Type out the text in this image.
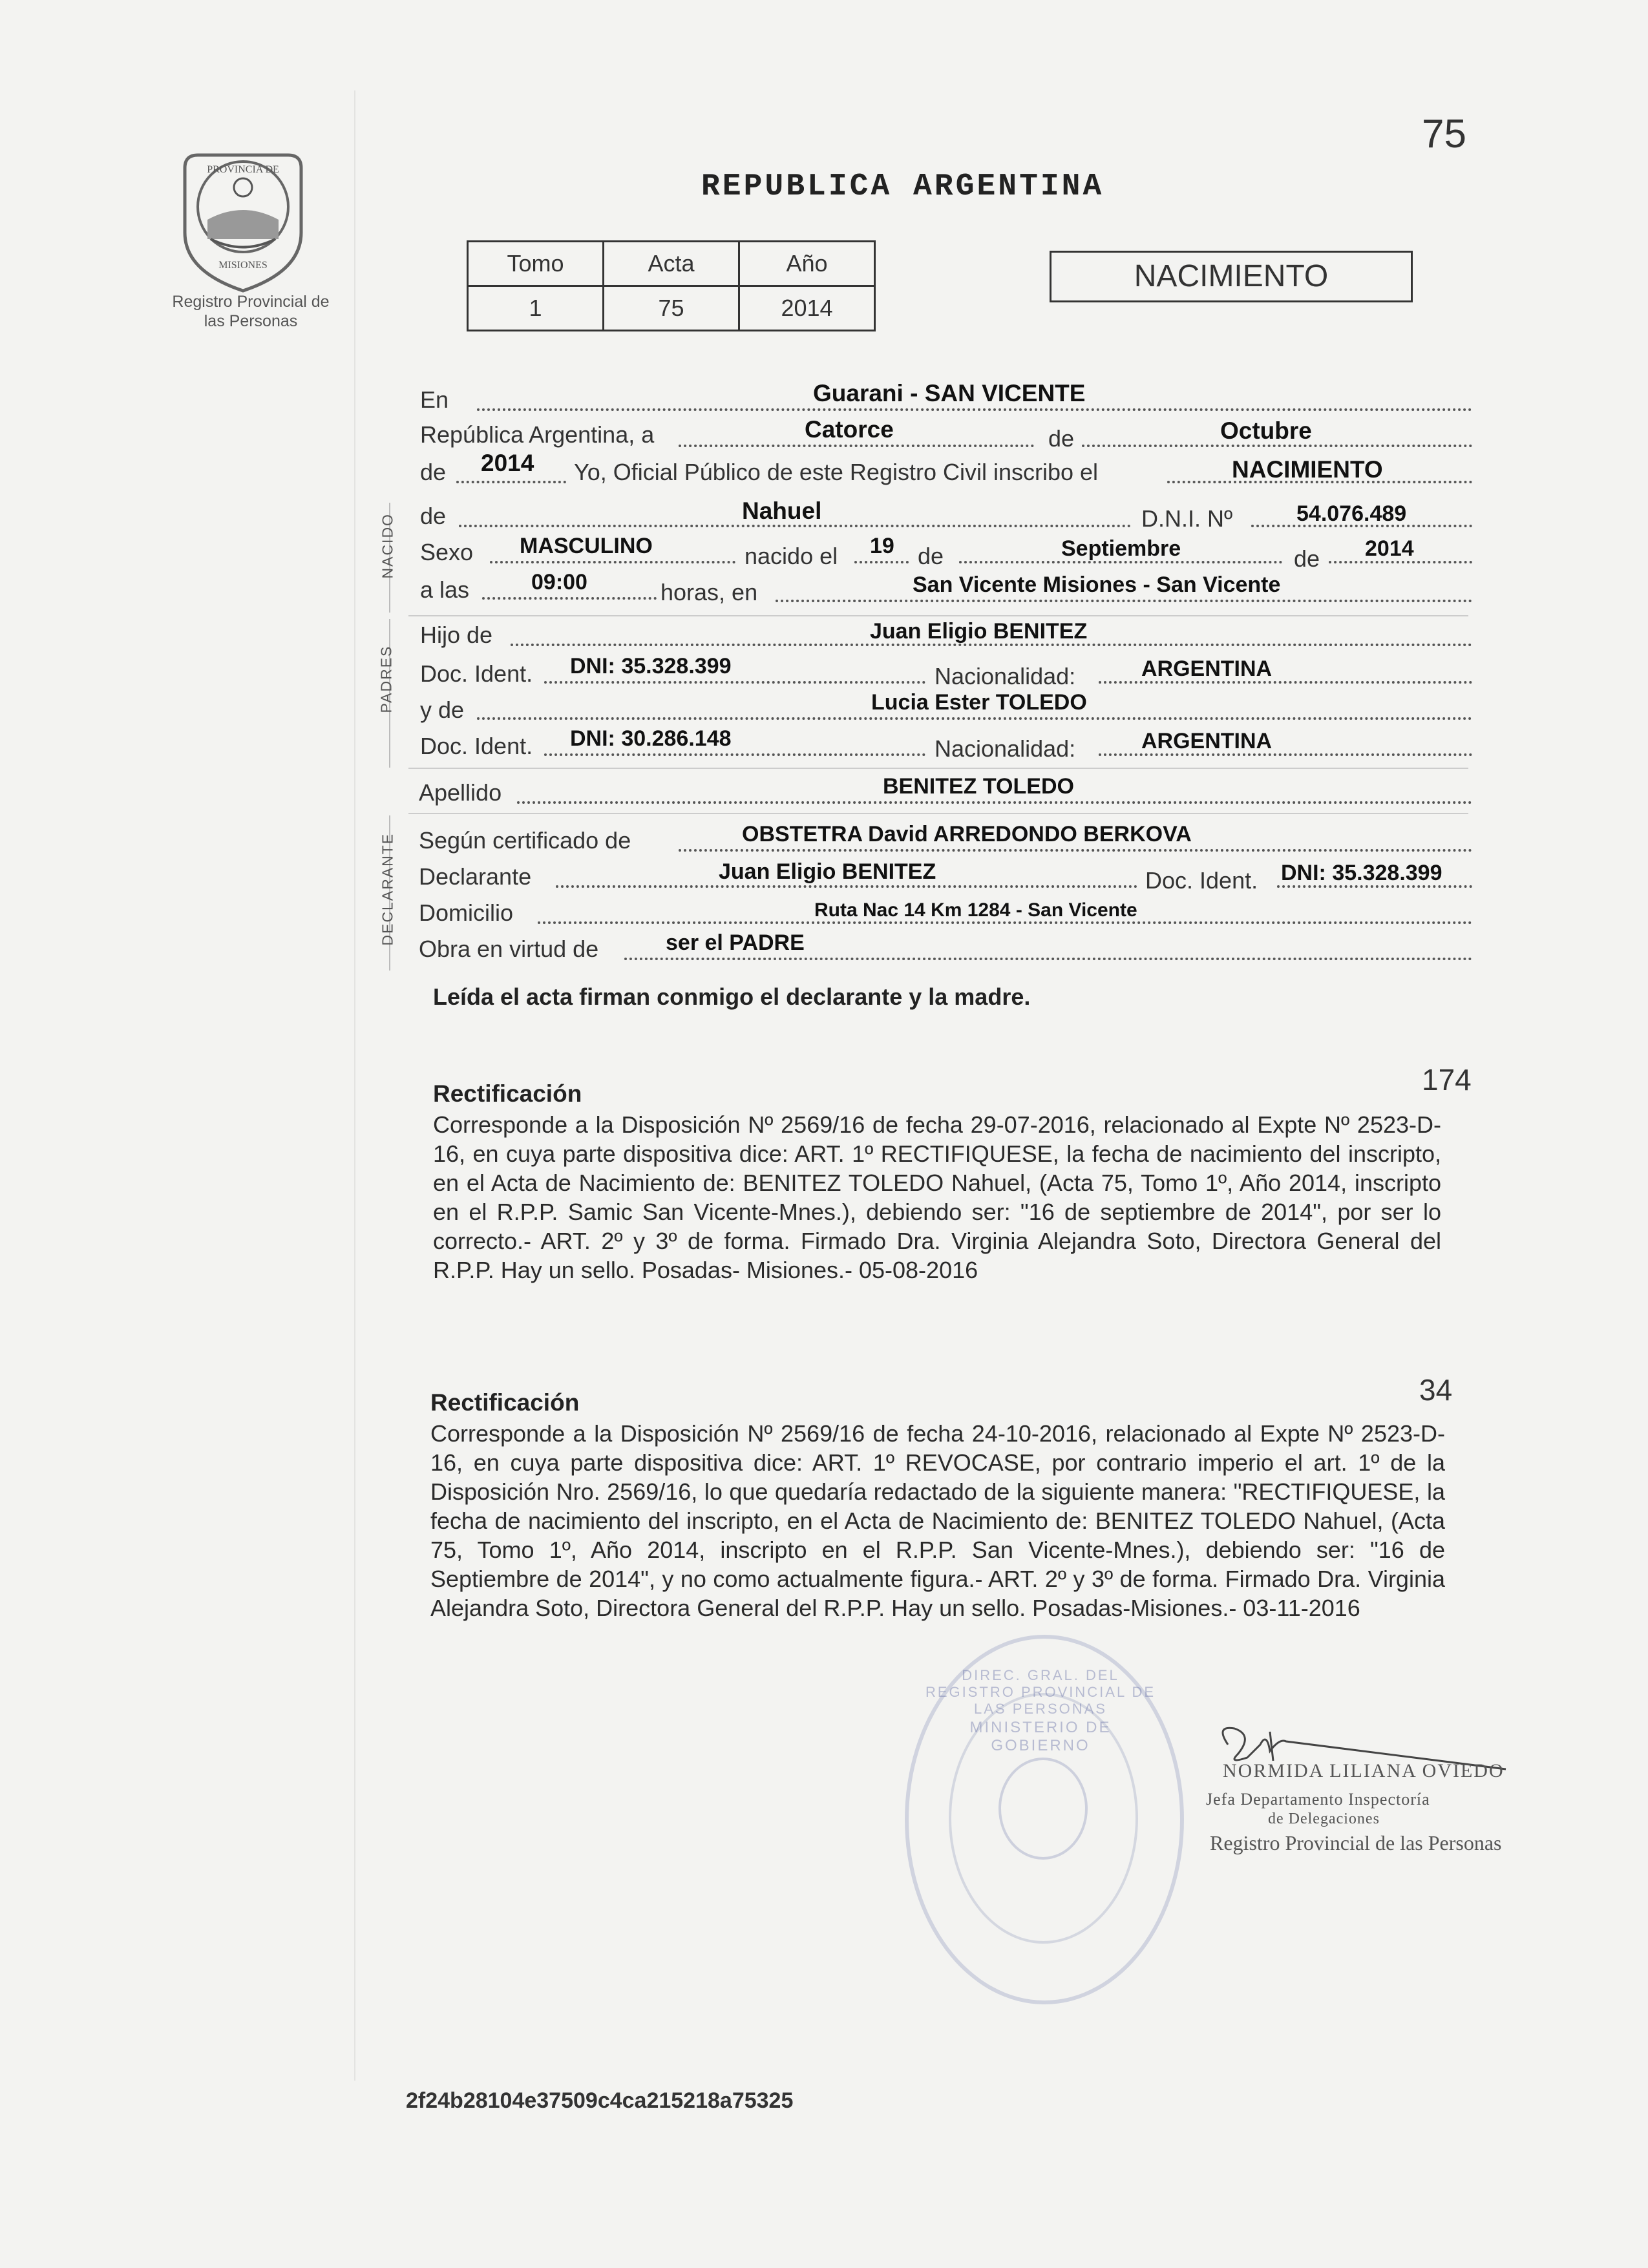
75
PROVINCIA DE
MISIONES
Registro Provincial de las Personas
REPUBLICA ARGENTINA
Tomo	Acta	Año
1	75	2014
NACIMIENTO
NACIDO
PADRES
DECLARANTE
En	Guarani - SAN VICENTE
República Argentina, a	Catorce	de	Octubre
de 2014 Yo, Oficial Público de este Registro Civil inscribo el	NACIMIENTO
de	Nahuel	D.N.I. Nº	54.076.489
Sexo MASCULINO	nacido el 19 de	Septiembre	de 2014
a las	09:00	horas, en	San Vicente Misiones - San Vicente
Hijo de	Juan Eligio BENITEZ
Doc. Ident. DNI: 35.328.399	Nacionalidad:	ARGENTINA
y de	Lucia Ester TOLEDO
Doc. Ident. DNI: 30.286.148	Nacionalidad:	ARGENTINA
Apellido	BENITEZ TOLEDO
Según certificado de	OBSTETRA David ARREDONDO BERKOVA
Declarante	Juan Eligio BENITEZ	Doc. Ident. DNI: 35.328.399
Domicilio	Ruta Nac 14 Km 1284 - San Vicente
Obra en virtud de	ser el PADRE
Leída el acta firman conmigo el declarante y la madre.
174
Rectificación
Corresponde a la Disposición Nº 2569/16 de fecha 29-07-2016, relacionado al Expte Nº 2523-D-16, en cuya parte dispositiva dice: ART. 1º RECTIFIQUESE, la fecha de nacimiento del inscripto, en el Acta de Nacimiento de: BENITEZ TOLEDO Nahuel, (Acta 75, Tomo 1º, Año 2014, inscripto en el R.P.P. Samic San Vicente-Mnes.), debiendo ser: "16 de septiembre de 2014", por ser lo correcto.- ART. 2º y 3º de forma. Firmado Dra. Virginia Alejandra Soto, Directora General del R.P.P. Hay un sello. Posadas- Misiones.- 05-08-2016
34
Rectificación
Corresponde a la Disposición Nº 2569/16 de fecha 24-10-2016, relacionado al Expte Nº 2523-D-16, en cuya parte dispositiva dice: ART. 1º REVOCASE, por contrario imperio el art. 1º de la Disposición Nro. 2569/16, lo que quedaría redactado de la siguiente manera: "RECTIFIQUESE, la fecha de nacimiento del inscripto, en el Acta de Nacimiento de: BENITEZ TOLEDO Nahuel, (Acta 75, Tomo 1º, Año 2014, inscripto en el R.P.P. San Vicente-Mnes.), debiendo ser: "16 de Septiembre de 2014", y no como actualmente figura.- ART. 2º y 3º de forma. Firmado Dra. Virginia Alejandra Soto, Directora General del R.P.P. Hay un sello. Posadas-Misiones.- 03-11-2016
DIREC. GRAL. DEL REGISTRO PROVINCIAL DE LAS PERSONAS
MINISTERIO DE GOBIERNO
NORMIDA LILIANA OVIEDO
Jefa Departamento Inspectoría
de Delegaciones
Registro Provincial de las Personas
2f24b28104e37509c4ca215218a75325
